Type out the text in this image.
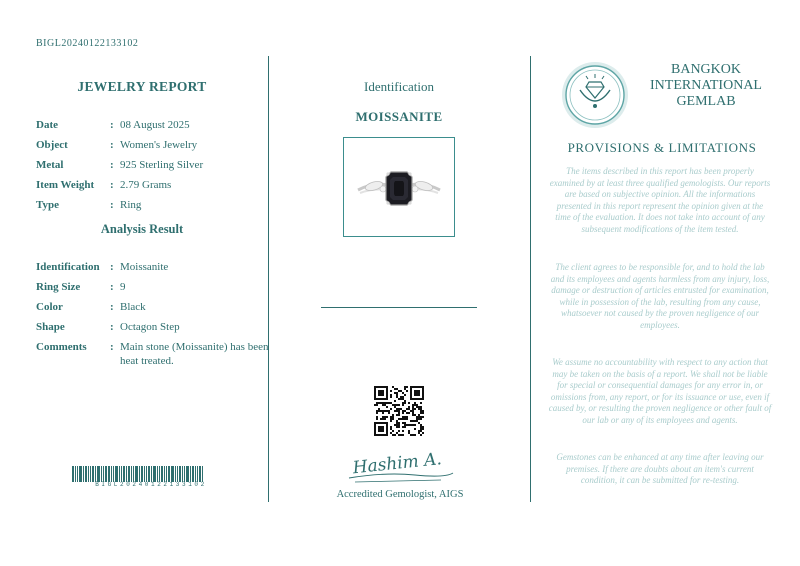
BIGL20240122133102
JEWELRY REPORT
Date	: 08 August 2025
Object	: Women's Jewelry
Metal	: 925 Sterling Silver
Item Weight	: 2.79 Grams
Type	: Ring
Analysis Result
Identification : Moissanite
Ring Size	: 9
Color	: Black
Shape	: Octagon Step
Comments	: Main stone (Moissanite) has been heat treated.
BIGL20240122133102
Identification
MOISSANITE
Hashim A.
Accredited Gemologist, AIGS
BANGKOK
INTERNATIONAL
GEMLAB
PROVISIONS & LIMITATIONS
The items described in this report has been properly examined by at least three qualified gemologists. Our reports are based on subjective opinion. All the informations presented in this report represent the opinion given at the time of the evaluation. It does not take into account of any subsequent modifications of the item tested.
The client agrees to be responsible for, and to hold the lab and its employees and agents harmless from any injury, loss, damage or destruction of articles entrusted for examination, while in possession of the lab, resulting from any cause, whatsoever not caused by the proven negligence of our employees.
We assume no accountability with respect to any action that may be taken on the basis of a report. We shall not be liable for special or consequential damages for any error in, or omissions from, any report, or for its issuance or use, even if caused by, or resulting the proven negligence or other fault of our lab or any of its employees and agents.
Gemstones can be enhanced at any time after leaving our premises. If there are doubts about an item's current condition, it can be submitted for re-testing.
